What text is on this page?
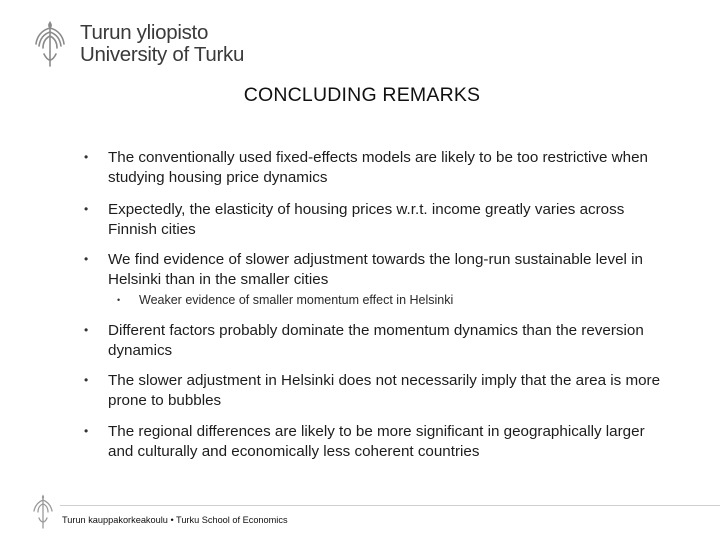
Turun yliopisto
University of Turku
CONCLUDING REMARKS
• The conventionally used fixed-effects models are likely to be too restrictive when studying housing price dynamics
• Expectedly, the elasticity of housing prices w.r.t. income greatly varies across Finnish cities
• We find evidence of slower adjustment towards the long-run sustainable level in Helsinki than in the smaller cities
• Weaker evidence of smaller momentum effect in Helsinki
• Different factors probably dominate the momentum dynamics than the reversion dynamics
• The slower adjustment in Helsinki does not necessarily imply that the area is more prone to bubbles
• The regional differences are likely to be more significant in geographically larger and culturally and economically less coherent countries
Turun kauppakorkeakoulu • Turku School of Economics
